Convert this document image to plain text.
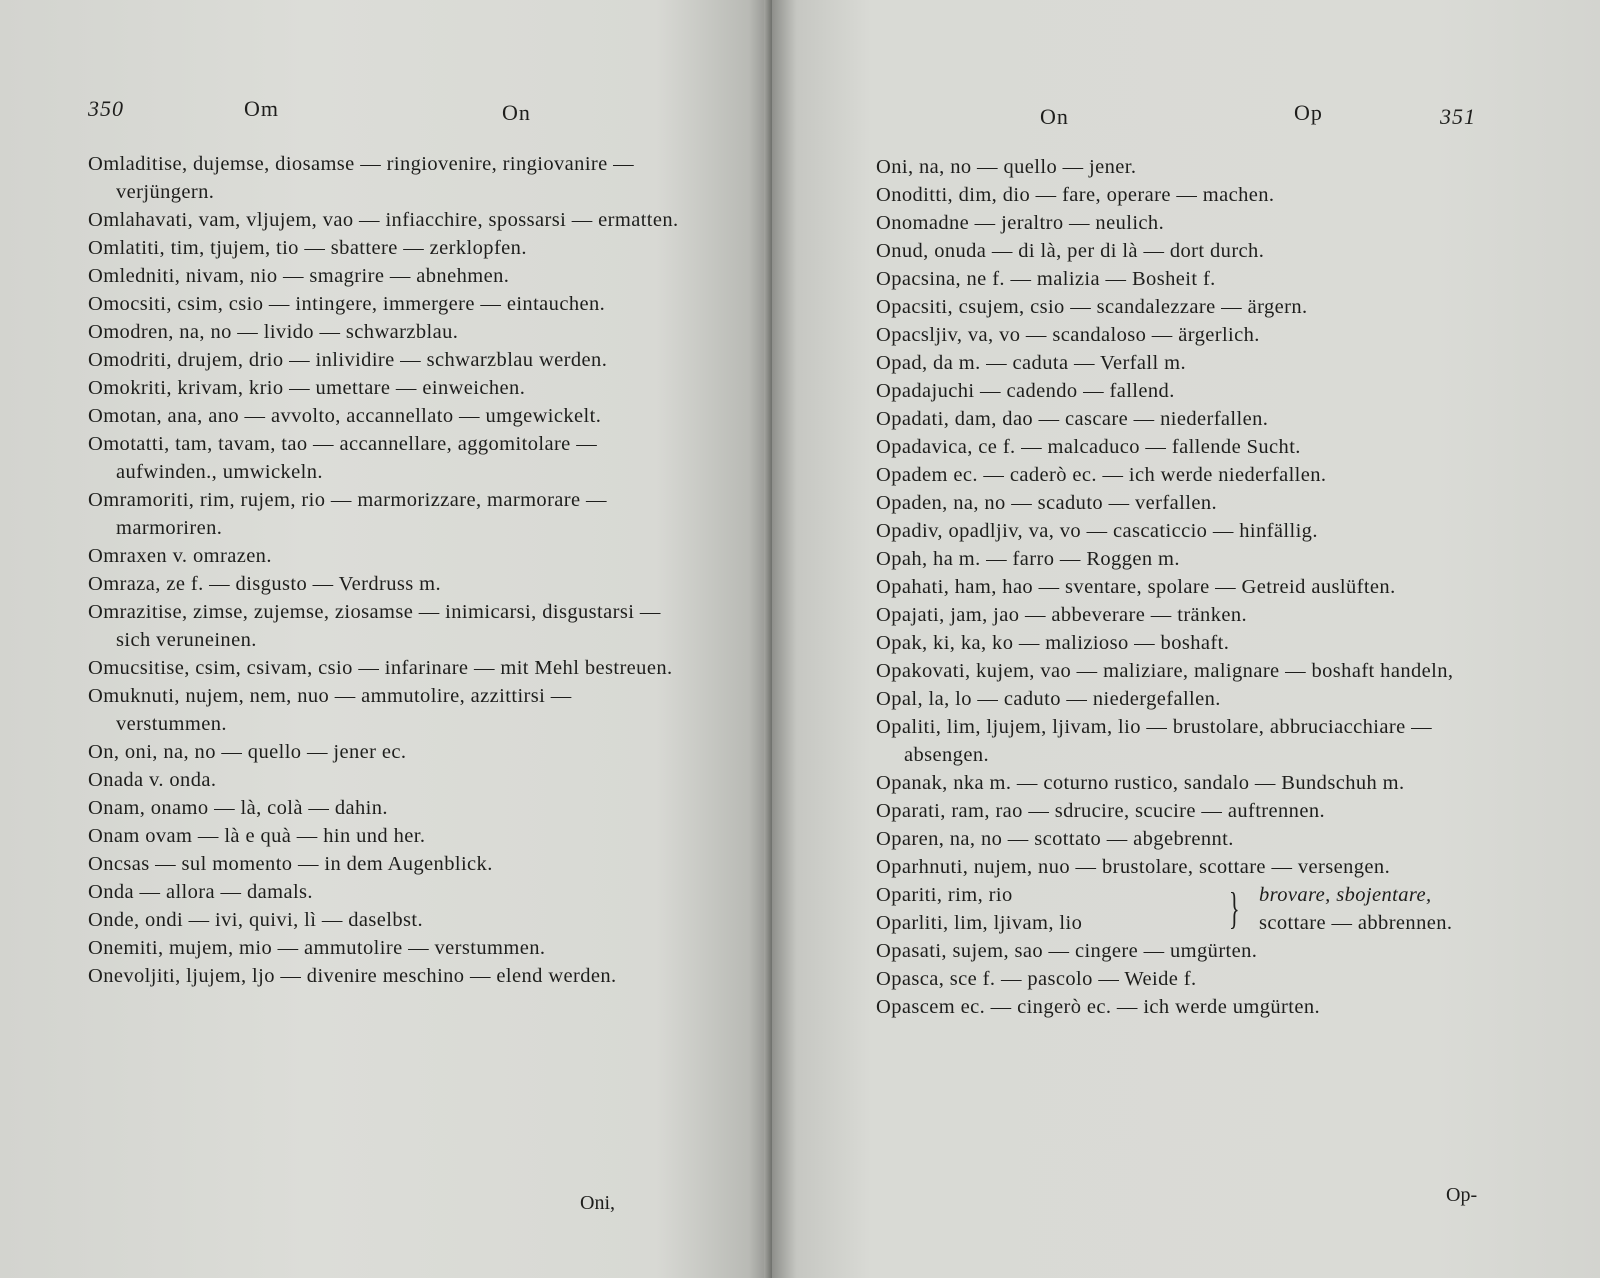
350	Om	On

Omladitise, dujemse, diosamse — ringiovenire, ringiovanire — verjüngern.

Omlahavati, vam, vljujem, vao — infiacchire, spossarsi — ermatten.

Omlatiti, tim, tjujem, tio — sbattere — zerklopfen.

Omledniti, nivam, nio — smagrire — abnehmen.

Omocsiti, csim, csio — intingere, immergere — eintauchen.

Omodren, na, no — livido — schwarzblau.

Omodriti, drujem, drio — inlividire — schwarzblau werden.

Omokriti, krivam, krio — umettare — einweichen.

Omotan, ana, ano — avvolto, accannellato — umgewickelt.

Omotatti, tam, tavam, tao — accannellare, aggomitolare — aufwinden., umwickeln.

Omramoriti, rim, rujem, rio — marmorizzare, marmorare — marmoriren.

Omraxen v. omrazen.

Omraza, ze f. — disgusto — Verdruss m.

Omrazitise, zimse, zujemse, ziosamse — inimicarsi, disgustarsi — sich veruneinen.

Omucsitise, csim, csivam, csio — infarinare — mit Mehl bestreuen.

Omuknuti, nujem, nem, nuo — ammutolire, azzittirsi — verstummen.

On, oni, na, no — quello — jener ec.

Onada v. onda.

Onam, onamo — là, colà — dahin.

Onam ovam — là e quà — hin und her.

Oncsas — sul momento — in dem Augenblick.

Onda — allora — damals.

Onde, ondi — ivi, quivi, lì — daselbst.

Onemiti, mujem, mio — ammutolire — verstummen.

Onevoljiti, ljujem, ljo — divenire meschino — elend werden.

Oni,
On	Op	351

Oni, na, no — quello — jener.

Onoditti, dim, dio — fare, operare — machen.

Onomadne — jeraltro — neulich.

Onud, onuda — di là, per di là — dort durch.

Opacsina, ne f. — malizia — Bosheit f.

Opacsiti, csujem, csio — scandalezzare — ärgern.

Opacsljiv, va, vo — scandaloso — ärgerlich.

Opad, da m. — caduta — Verfall m.

Opadajuchi — cadendo — fallend.

Opadati, dam, dao — cascare — niederfallen.

Opadavica, ce f. — malcaduco — fallende Sucht.

Opadem ec. — caderò ec. — ich werde niederfallen.

Opaden, na, no — scaduto — verfallen.

Opadiv, opadljiv, va, vo — cascaticcio — hinfällig.

Opah, ha m. — farro — Roggen m.

Opahati, ham, hao — sventare, spolare — Getreid auslüften.

Opajati, jam, jao — abbeverare — tränken.

Opak, ki, ka, ko — malizioso — boshaft.

Opakovati, kujem, vao — maliziare, malignare — boshaft handeln,

Opal, la, lo — caduto — niedergefallen.

Opaliti, lim, ljujem, ljivam, lio — brustolare, abbruciacchiare — absengen.

Opanak, nka m. — coturno rustico, sandalo — Bundschuh m.

Oparati, ram, rao — sdrucire, scucire — auftrennen.

Oparen, na, no — scottato — abgebrennt.

Oparhnuti, nujem, nuo — brustolare, scottare — versengen.

Opariti, rim, rio
Oparliti, lim, ljivam, lio	} brovare, sbojentare,
scottare — abbrennen.

Opasati, sujem, sao — cingere — umgürten.

Opasca, sce f. — pascolo — Weide f.

Opascem ec. — cingerò ec. — ich werde umgürten.

Op-
